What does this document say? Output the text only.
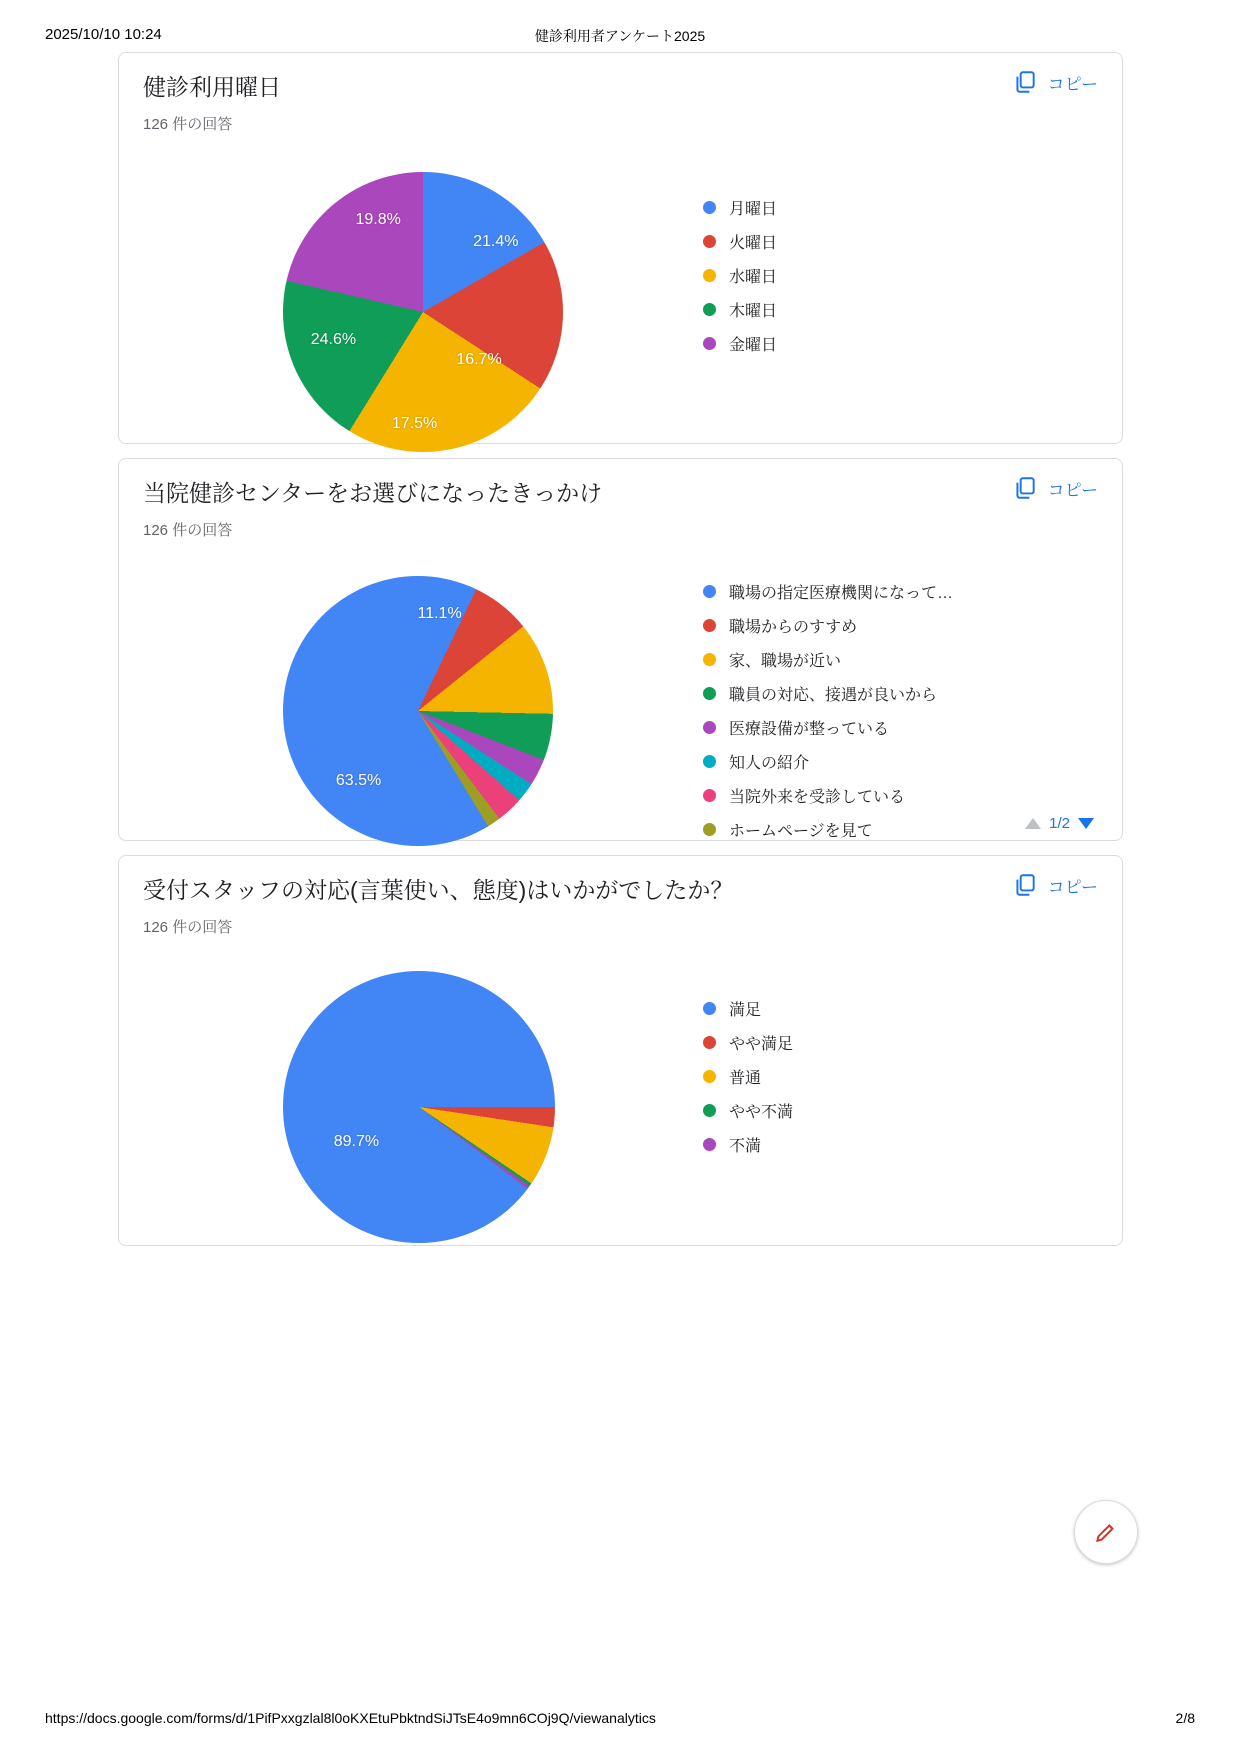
2025/10/10 10:24	健診利用者アンケート2025
健診利用曜日
126 件の回答
コピー
16.7%
17.5%
24.6%
19.8%
21.4%
月曜日
火曜日
水曜日
木曜日
金曜日
当院健診センターをお選びになったきっかけ
126 件の回答
コピー
11.1%
63.5%
職場の指定医療機関になって…
職場からのすすめ
家、職場が近い
職員の対応、接遇が良いから
医療設備が整っている
知人の紹介
当院外来を受診している
ホームページを見て	1/2
受付スタッフの対応(言葉使い、態度)はいかがでしたか？
126 件の回答
コピー
89.7%
満足
やや満足
普通
やや不満
不満
https://docs.google.com/forms/d/1PifPxxgzlal8l0oKXEtuPbktndSiJTsE4o9mn6COj9Q/viewanalytics	2/8
